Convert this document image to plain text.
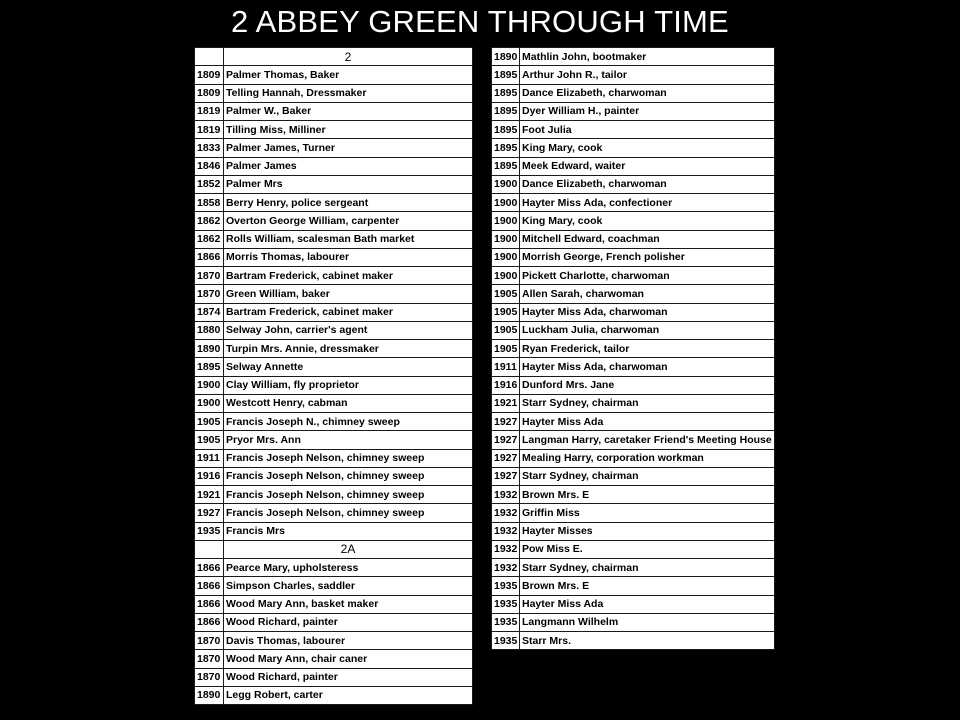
2 ABBEY GREEN THROUGH TIME
	2
1809	Palmer Thomas, Baker
1809	Telling Hannah, Dressmaker
1819	Palmer W., Baker
1819	Tilling Miss, Milliner
1833	Palmer James, Turner
1846	Palmer James
1852	Palmer Mrs
1858	Berry Henry, police sergeant
1862	Overton George William, carpenter
1862	Rolls William, scalesman Bath market
1866	Morris Thomas, labourer
1870	Bartram Frederick, cabinet maker
1870	Green William, baker
1874	Bartram Frederick, cabinet maker
1880	Selway John, carrier's agent
1890	Turpin Mrs. Annie, dressmaker
1895	Selway Annette
1900	Clay William, fly proprietor
1900	Westcott Henry, cabman
1905	Francis Joseph N., chimney sweep
1905	Pryor Mrs. Ann
1911	Francis Joseph Nelson, chimney sweep
1916	Francis Joseph Nelson, chimney sweep
1921	Francis Joseph Nelson, chimney sweep
1927	Francis Joseph Nelson, chimney sweep
1935	Francis Mrs
	2A
1866	Pearce Mary, upholsteress
1866	Simpson Charles, saddler
1866	Wood Mary Ann, basket maker
1866	Wood Richard, painter
1870	Davis Thomas, labourer
1870	Wood Mary Ann, chair caner
1870	Wood Richard, painter
1890	Legg Robert, carter
1890	Mathlin John, bootmaker
1895	Arthur John R., tailor
1895	Dance Elizabeth, charwoman
1895	Dyer William H., painter
1895	Foot Julia
1895	King Mary, cook
1895	Meek Edward, waiter
1900	Dance Elizabeth, charwoman
1900	Hayter Miss Ada, confectioner
1900	King Mary, cook
1900	Mitchell Edward, coachman
1900	Morrish George, French polisher
1900	Pickett Charlotte, charwoman
1905	Allen Sarah, charwoman
1905	Hayter Miss Ada, charwoman
1905	Luckham Julia, charwoman
1905	Ryan Frederick, tailor
1911	Hayter Miss Ada, charwoman
1916	Dunford Mrs. Jane
1921	Starr Sydney, chairman
1927	Hayter Miss Ada
1927	Langman Harry, caretaker Friend's Meeting House
1927	Mealing Harry, corporation workman
1927	Starr Sydney, chairman
1932	Brown Mrs. E
1932	Griffin Miss
1932	Hayter Misses
1932	Pow Miss E.
1932	Starr Sydney, chairman
1935	Brown Mrs. E
1935	Hayter Miss Ada
1935	Langmann Wilhelm
1935	Starr Mrs.
